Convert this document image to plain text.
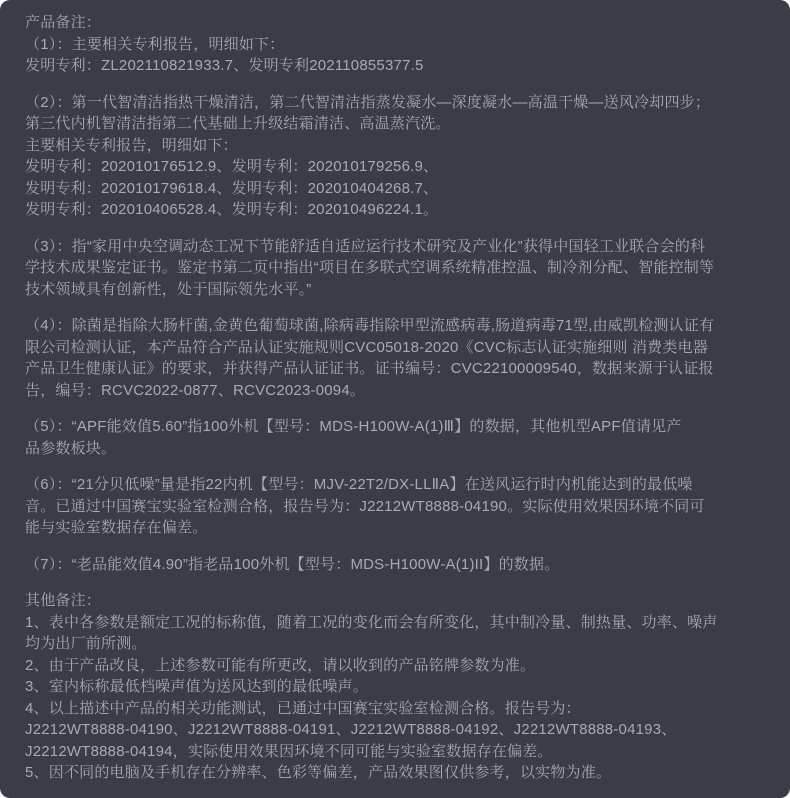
产品备注：
（1）：主要相关专利报告，明细如下：
发明专利：ZL202110821933.7、发明专利202110855377.5
（2）：第一代智清洁指热干燥清洁，第二代智清洁指蒸发凝水—深度凝水—高温干燥—送风冷却四步；
第三代内机智清洁指第二代基础上升级结霜清洁、高温蒸汽洗。
主要相关专利报告，明细如下：
发明专利：202010176512.9、发明专利：202010179256.9、
发明专利：202010179618.4、发明专利：202010404268.7、
发明专利：202010406528.4、发明专利：202010496224.1。
（3）：指“家用中央空调动态工况下节能舒适自适应运行技术研究及产业化”获得中国轻工业联合会的科
学技术成果鉴定证书。鉴定书第二页中指出“项目在多联式空调系统精准控温、制冷剂分配、智能控制等
技术领域具有创新性，处于国际领先水平。”
（4）：除菌是指除大肠杆菌,金黄色葡萄球菌,除病毒指除甲型流感病毒,肠道病毒71型,由威凯检测认证有
限公司检测认证，本产品符合产品认证实施规则CVC05018-2020《CVC标志认证实施细则 消费类电器
产品卫生健康认证》的要求，并获得产品认证证书。证书编号：CVC22100009540，数据来源于认证报
告，编号：RCVC2022-0877、RCVC2023-0094。
（5）：“APF能效值5.60”指100外机【型号：MDS-H100W-A(1)Ⅲ】的数据，其他机型APF值请见产
品参数板块。
（6）：“21分贝低噪”量是指22内机【型号：MJV-22T2/DX-LLⅡA】在送风运行时内机能达到的最低噪
音。已通过中国赛宝实验室检测合格，报告号为：J2212WT8888-04190。实际使用效果因环境不同可
能与实验室数据存在偏差。
（7）：“老品能效值4.90”指老品100外机【型号：MDS-H100W-A(1)II】的数据。
其他备注：
1、表中各参数是额定工况的标称值，随着工况的变化而会有所变化，其中制冷量、制热量、功率、噪声
均为出厂前所测。
2、由于产品改良，上述参数可能有所更改，请以收到的产品铭牌参数为准。
3、室内标称最低档噪声值为送风达到的最低噪声。
4、以上描述中产品的相关功能测试，已通过中国赛宝实验室检测合格。报告号为：
J2212WT8888-04190、J2212WT8888-04191、J2212WT8888-04192、J2212WT8888-04193、
J2212WT8888-04194，实际使用效果因环境不同可能与实验室数据存在偏差。
5、因不同的电脑及手机存在分辨率、色彩等偏差，产品效果图仅供参考，以实物为准。
